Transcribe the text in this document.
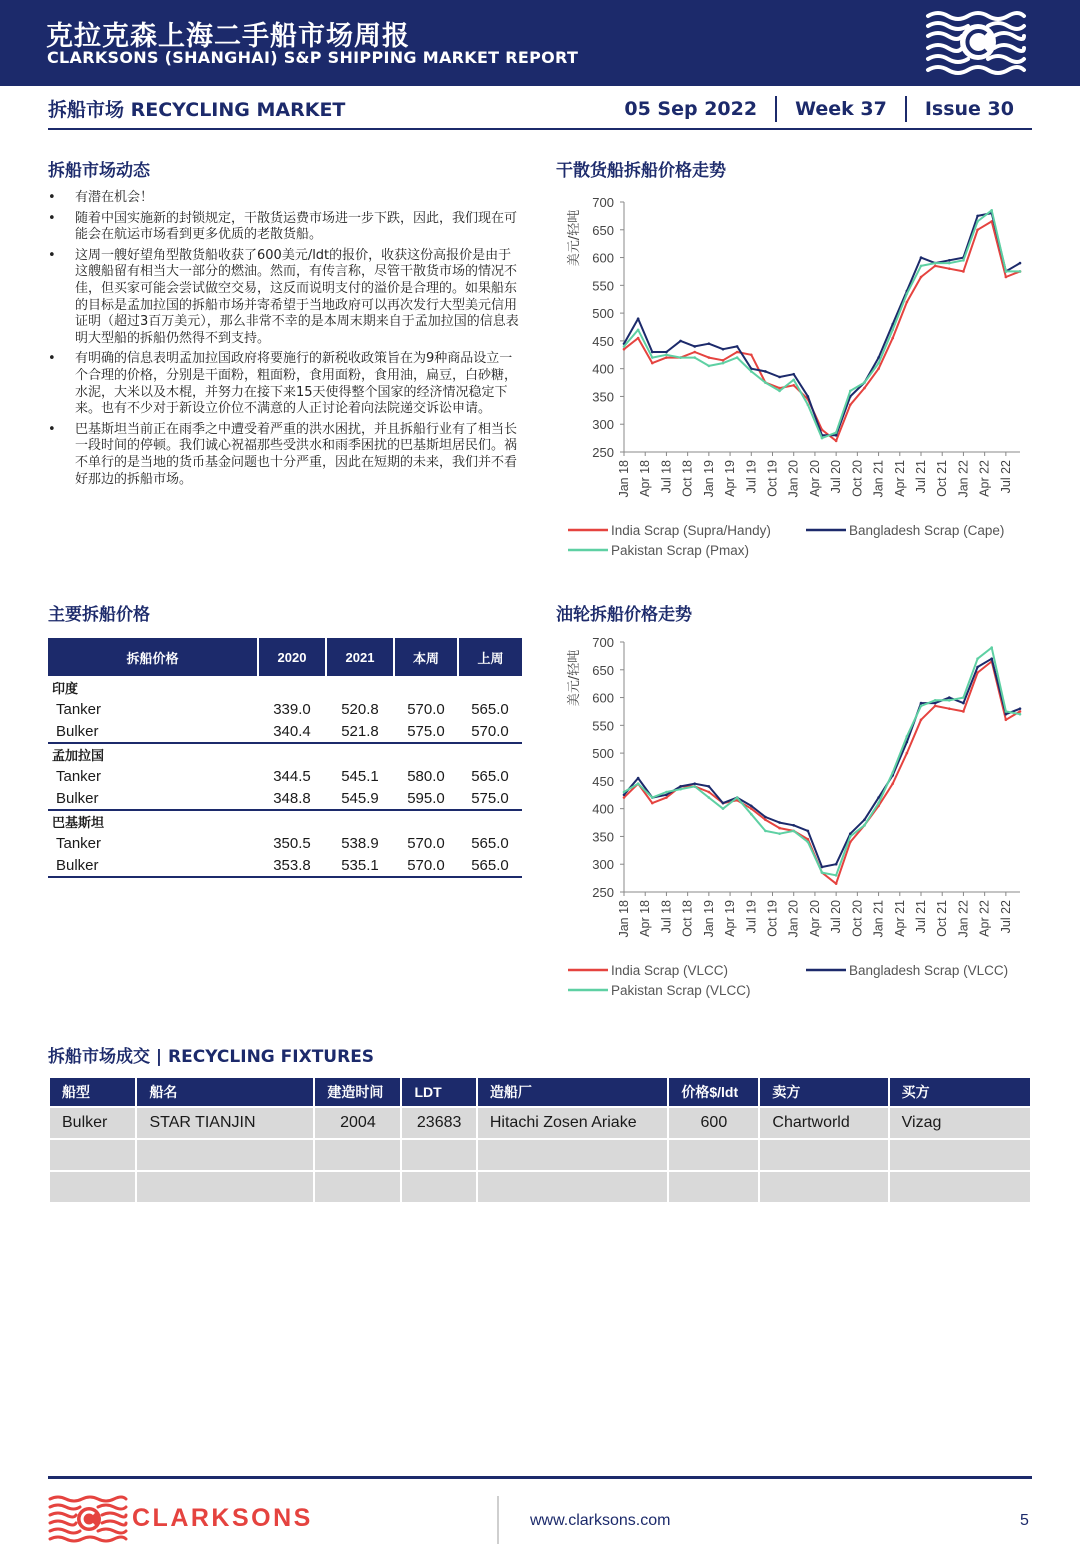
克拉克森上海二手船市场周报
CLARKSONS (SHANGHAI) S&P SHIPPING MARKET REPORT
拆船市场 RECYCLING MARKET	05 Sep 2022 Week 37 Issue 30
拆船市场动态
• 有潜在机会！
• 随着中国实施新的封锁规定，干散货运费市场进一步下跌，因此，我们现在可能会在航运市场看到更多优质的老散货船。
• 这周一艘好望角型散货船收获了600美元/ldt的报价，收获这份高报价是由于这艘船留有相当大一部分的燃油。然而，有传言称，尽管干散货市场的情况不佳，但买家可能会尝试做空交易，这反而说明支付的溢价是合理的。如果船东的目标是孟加拉国的拆船市场并寄希望于当地政府可以再次发行大型美元信用证明（超过3百万美元），那么非常不幸的是本周末期来自于孟加拉国的信息表明大型船的拆船仍然得不到支持。
• 有明确的信息表明孟加拉国政府将要施行的新税收政策旨在为9种商品设立一个合理的价格，分别是干面粉，粗面粉，食用面粉，食用油，扁豆，白砂糖，水泥，大米以及木棍，并努力在接下来15天使得整个国家的经济情况稳定下来。也有不少对于新设立价位不满意的人正讨论着向法院递交诉讼申请。
• 巴基斯坦当前正在雨季之中遭受着严重的洪水困扰，并且拆船行业有了相当长一段时间的停顿。我们诚心祝福那些受洪水和雨季困扰的巴基斯坦居民们。祸不单行的是当地的货币基金问题也十分严重，因此在短期的未来，我们并不看好那边的拆船市场。
主要拆船价格
拆船价格	2020	2021	本周	上周
印度				
Tanker	339.0	520.8	570.0	565.0
Bulker	340.4	521.8	575.0	570.0
孟加拉国				
Tanker	344.5	545.1	580.0	565.0
Bulker	348.8	545.9	595.0	575.0
巴基斯坦				
Tanker	350.5	538.9	570.0	565.0
Bulker	353.8	535.1	570.0	565.0
干散货船拆船价格走势
250
300
350
400
450
500
550
600
650
700
美元/轻吨
Jan 18 Apr 18 Jul 18 Oct 18 Jan 19 Apr 19 Jul 19 Oct 19 Jan 20 Apr 20 Jul 20 Oct 20 Jan 21 Apr 21 Jul 21 Oct 21 Jan 22 Apr 22 Jul 22
India Scrap (Supra/Handy)	Bangladesh Scrap (Cape)
Pakistan Scrap (Pmax)
油轮拆船价格走势
250
300
350
400
450
500
550
600
650
700
美元/轻吨
Jan 18 Apr 18 Jul 18 Oct 18 Jan 19 Apr 19 Jul 19 Oct 19 Jan 20 Apr 20 Jul 20 Oct 20 Jan 21 Apr 21 Jul 21 Oct 21 Jan 22 Apr 22 Jul 22
India Scrap (VLCC)	Bangladesh Scrap (VLCC)
Pakistan Scrap (VLCC)
拆船市场成交 | RECYCLING FIXTURES
船型	船名	建造时间	LDT	造船厂	价格$/ldt	卖方	买方
Bulker	STAR TIANJIN	2004	23683	Hitachi Zosen Ariake	600	Chartworld	Vizag

CLARKSONS	www.clarksons.com	5
